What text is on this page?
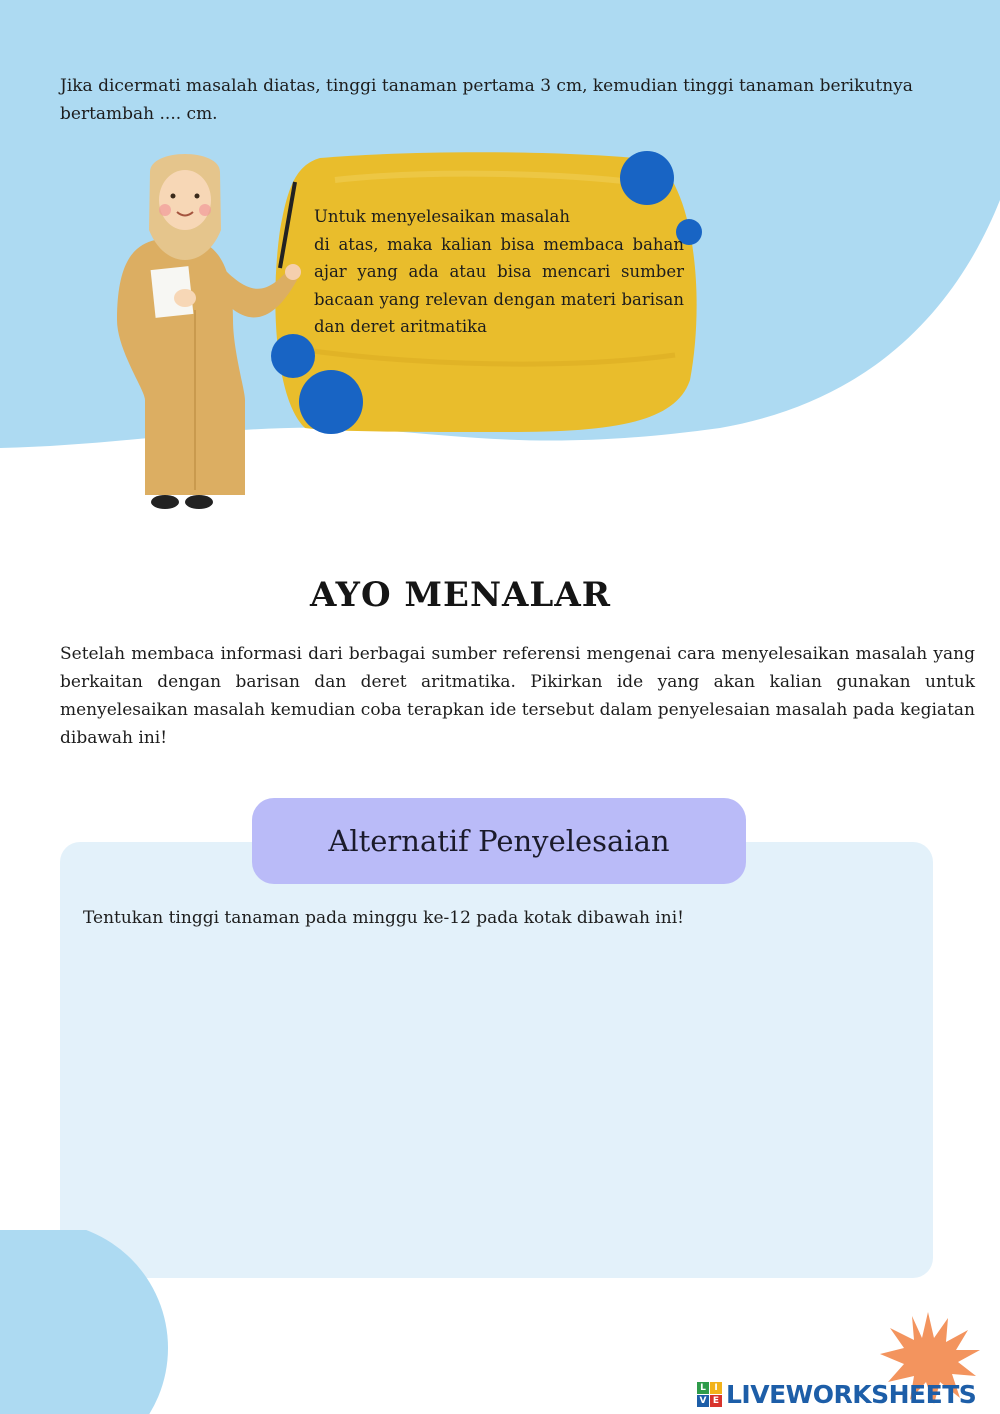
Jika dicermati masalah diatas, tinggi tanaman pertama 3 cm, kemudian tinggi tanaman berikutnya bertambah .... cm.

Untuk menyelesaikan masalah
di atas, maka kalian bisa membaca bahan ajar yang ada atau bisa mencari sumber bacaan yang relevan dengan materi barisan dan deret aritmatika

AYO MENALAR

Setelah membaca informasi dari berbagai sumber referensi mengenai cara menyelesaikan masalah yang berkaitan dengan barisan dan deret aritmatika. Pikirkan ide yang akan kalian gunakan untuk menyelesaikan masalah kemudian coba terapkan ide tersebut dalam penyelesaian masalah pada kegiatan dibawah ini!

Alternatif Penyelesaian

Tentukan tinggi tanaman pada minggu ke-12 pada kotak dibawah ini!

L I
V E LIVEWORKSHEETS
